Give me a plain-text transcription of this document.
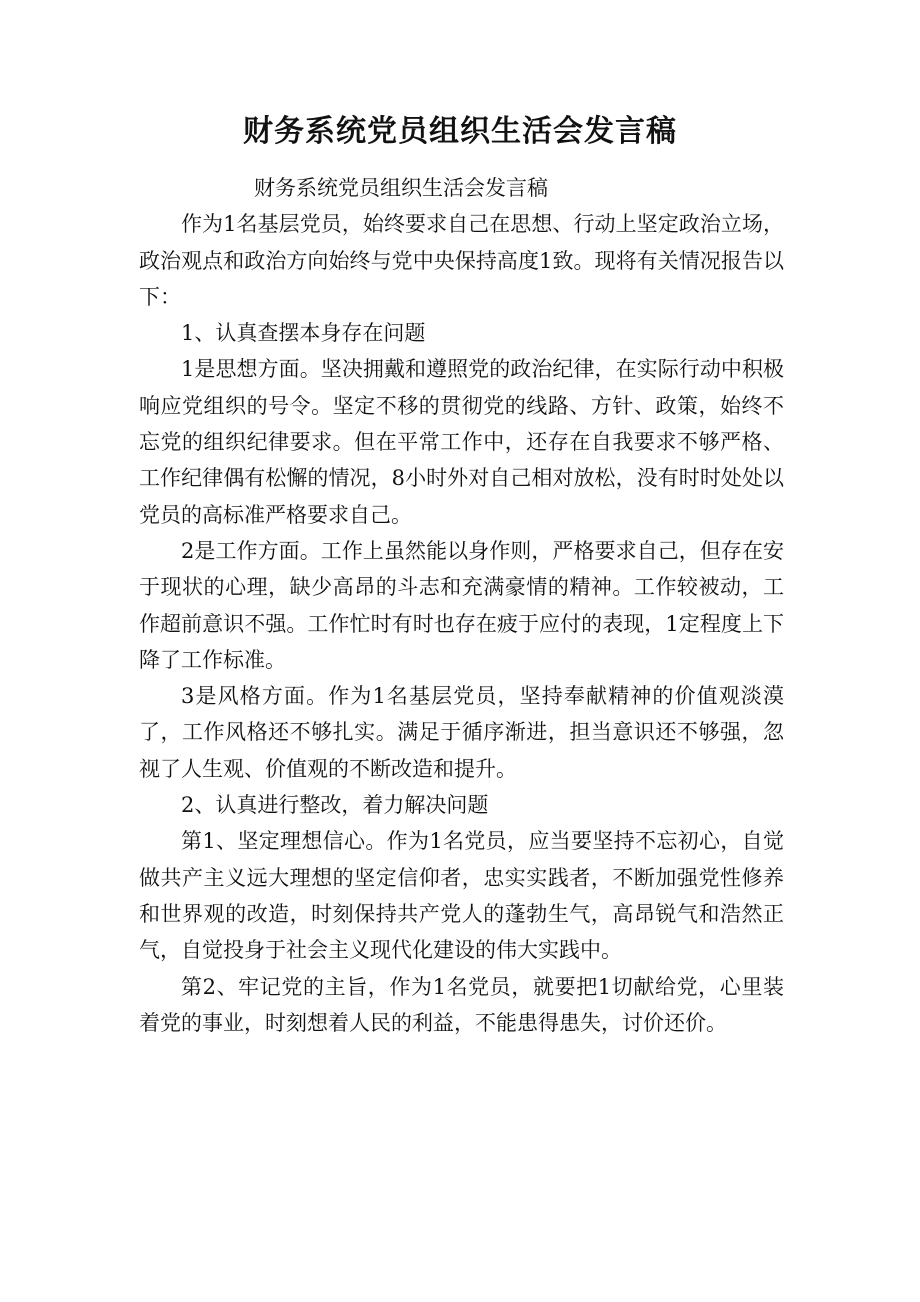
财务系统党员组织生活会发言稿

财务系统党员组织生活会发言稿

作为1名基层党员，始终要求自己在思想、行动上坚定政治立场，政治观点和政治方向始终与党中央保持高度1致。现将有关情况报告以下：

1、认真查摆本身存在问题

1是思想方面。坚决拥戴和遵照党的政治纪律，在实际行动中积极响应党组织的号令。坚定不移的贯彻党的线路、方针、政策，始终不忘党的组织纪律要求。但在平常工作中，还存在自我要求不够严格、工作纪律偶有松懈的情况，8小时外对自己相对放松，没有时时处处以党员的高标准严格要求自己。

2是工作方面。工作上虽然能以身作则，严格要求自己，但存在安于现状的心理，缺少高昂的斗志和充满豪情的精神。工作较被动，工作超前意识不强。工作忙时有时也存在疲于应付的表现，1定程度上下降了工作标准。

3是风格方面。作为1名基层党员，坚持奉献精神的价值观淡漠了，工作风格还不够扎实。满足于循序渐进，担当意识还不够强，忽视了人生观、价值观的不断改造和提升。

2、认真进行整改，着力解决问题

第1、坚定理想信心。作为1名党员，应当要坚持不忘初心，自觉做共产主义远大理想的坚定信仰者，忠实实践者，不断加强党性修养和世界观的改造，时刻保持共产党人的蓬勃生气，高昂锐气和浩然正气，自觉投身于社会主义现代化建设的伟大实践中。

第2、牢记党的主旨，作为1名党员，就要把1切献给党，心里装着党的事业，时刻想着人民的利益，不能患得患失，讨价还价。
